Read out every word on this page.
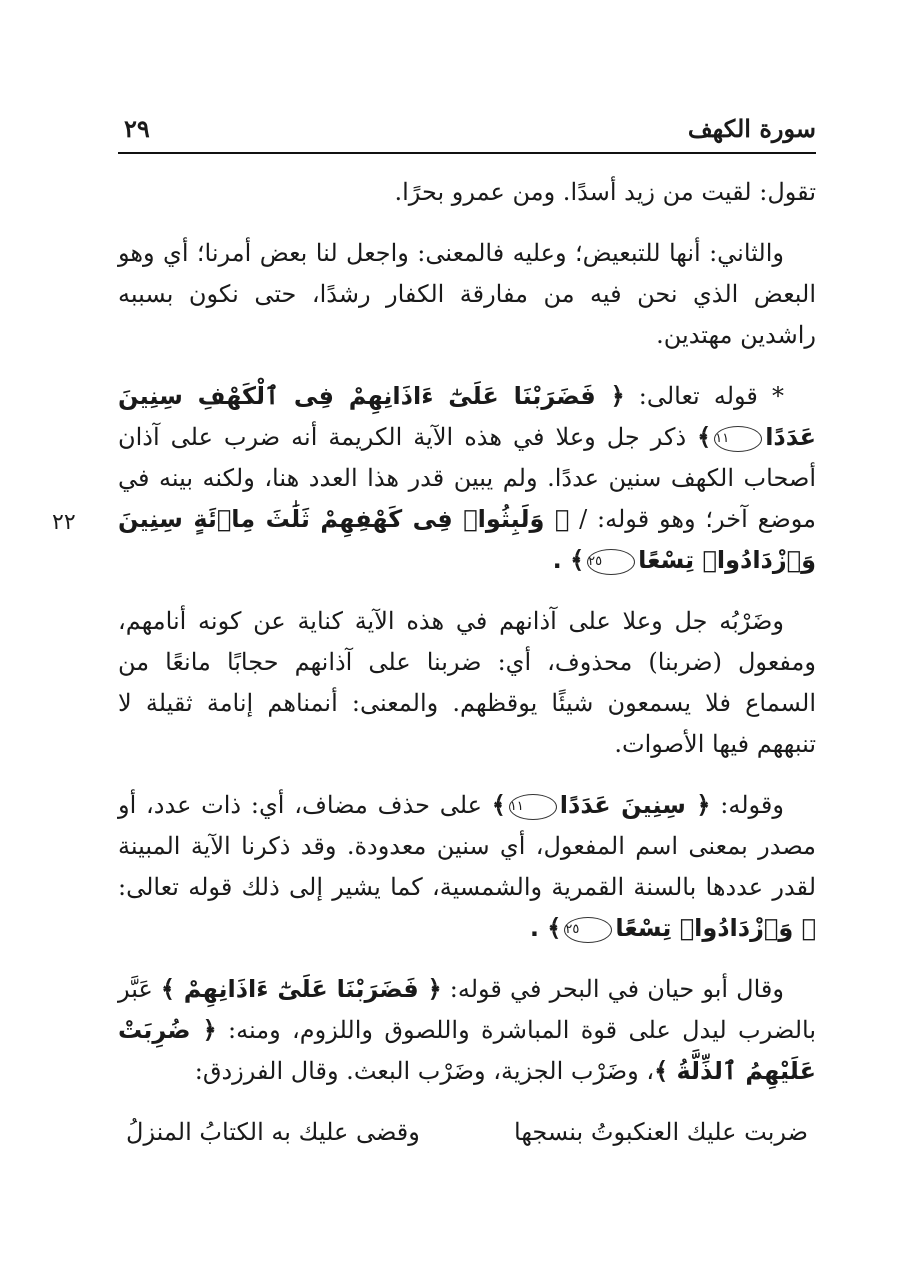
سورة الكهف
٢٩
٢٢

تقول: لقيت من زيد أسدًا. ومن عمرو بحرًا.

والثاني: أنها للتبعيض؛ وعليه فالمعنى: واجعل لنا بعض أمرنا؛ أي وهو البعض الذي نحن فيه من مفارقة الكفار رشدًا، حتى نكون بسببه راشدين مهتدين.

* قوله تعالى: ﴿ فَضَرَبْنَا عَلَىٰٓ ءَاذَانِهِمْ فِى ٱلْكَهْفِ سِنِينَ عَدَدًا١١﴾ ذكر جل وعلا في هذه الآية الكريمة أنه ضرب على آذان أصحاب الكهف سنين عددًا. ولم يبين قدر هذا العدد هنا، ولكنه بينه في موضع آخر؛ وهو قوله: / ﴿ وَلَبِثُوا۟ فِى كَهْفِهِمْ ثَلَٰثَ مِا۟ئَةٍ سِنِينَ وَٱزْدَادُوا۟ تِسْعًا٢٥﴾ .

وضَرْبُه جل وعلا على آذانهم في هذه الآية كناية عن كونه أنامهم، ومفعول (ضربنا) محذوف، أي: ضربنا على آذانهم حجابًا مانعًا من السماع فلا يسمعون شيئًا يوقظهم. والمعنى: أنمناهم إنامة ثقيلة لا تنبههم فيها الأصوات.

وقوله: ﴿ سِنِينَ عَدَدًا١١﴾ على حذف مضاف، أي: ذات عدد، أو مصدر بمعنى اسم المفعول، أي سنين معدودة. وقد ذكرنا الآية المبينة لقدر عددها بالسنة القمرية والشمسية، كما يشير إلى ذلك قوله تعالى: ﴿ وَٱزْدَادُوا۟ تِسْعًا٢٥﴾ .

وقال أبو حيان في البحر في قوله: ﴿ فَضَرَبْنَا عَلَىٰٓ ءَاذَانِهِمْ ﴾ عَبَّر بالضرب ليدل على قوة المباشرة واللصوق واللزوم، ومنه: ﴿ ضُرِبَتْ عَلَيْهِمُ ٱلذِّلَّةُ ﴾، وضَرْب الجزية، وضَرْب البعث. وقال الفرزدق:

ضربت عليك العنكبوتُ بنسجها
وقضى عليك به الكتابُ المنزلُ
